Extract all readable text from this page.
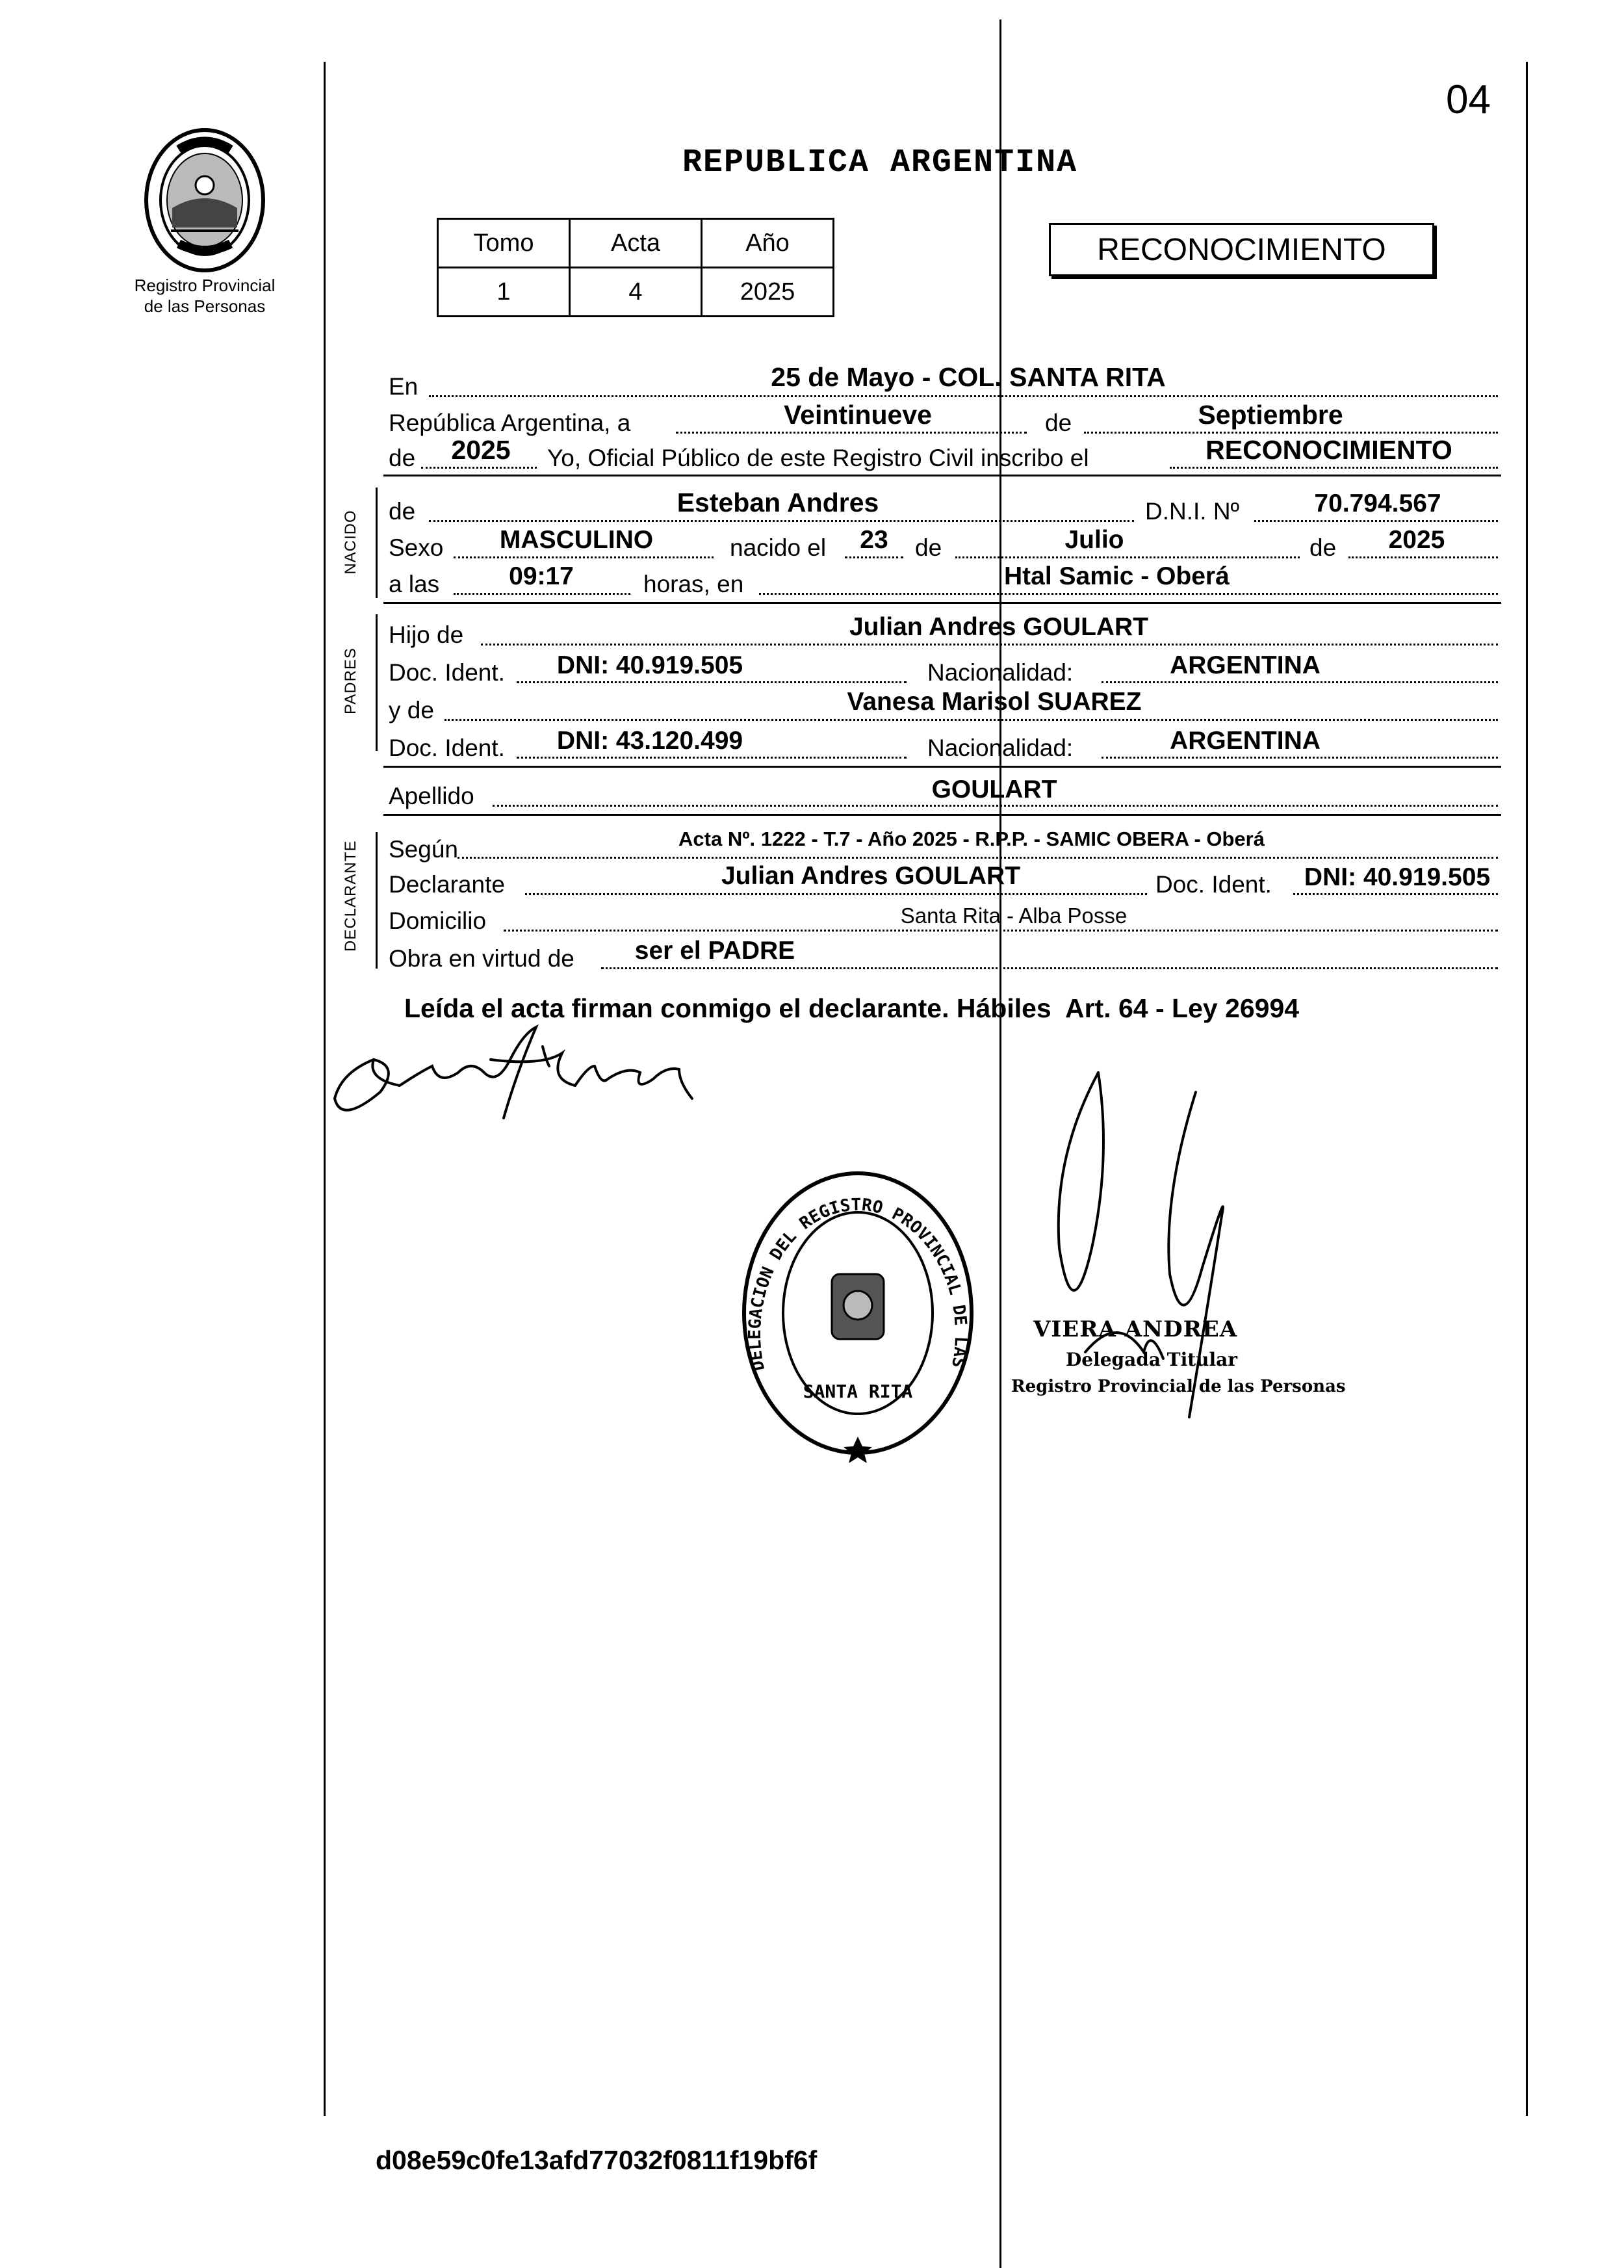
04
Registro Provincial
de las Personas
REPUBLICA ARGENTINA
Tomo	Acta	Año
1	4	2025
RECONOCIMIENTO
En	25 de Mayo - COL. SANTA RITA
República Argentina, a	Veintinueve	de	Septiembre
de 2025 Yo, Oficial Público de este Registro Civil inscribo el	RECONOCIMIENTO
NACIDO de	Esteban Andres	D.N.I. Nº	70.794.567
Sexo MASCULINO	nacido el 23 de	Julio	de 2025
a las	09:17	horas, en	Htal Samic - Oberá
PADRES
Hijo de	Julian Andres GOULART
Doc. Ident. DNI: 40.919.505	Nacionalidad:	ARGENTINA
y de	Vanesa Marisol SUAREZ
Doc. Ident. DNI: 43.120.499	Nacionalidad:	ARGENTINA
Apellido	GOULART
DECLARANTE Según	Acta Nº. 1222 - T.7 - Año 2025 - R.P.P. - SAMIC OBERA - Oberá
Declarante	Julian Andres GOULART	Doc. Ident. DNI: 40.919.505
Domicilio	Santa Rita - Alba Posse
Obra en virtud de ser el PADRE
Leída el acta firman conmigo el declarante. Hábiles  Art. 64 - Ley 26994
DELEGACION DEL REGISTRO PROVINCIAL DE LAS
SANTA RITA
VIERA ANDREA
Delegada Titular
Registro Provincial de las Personas
d08e59c0fe13afd77032f0811f19bf6f
